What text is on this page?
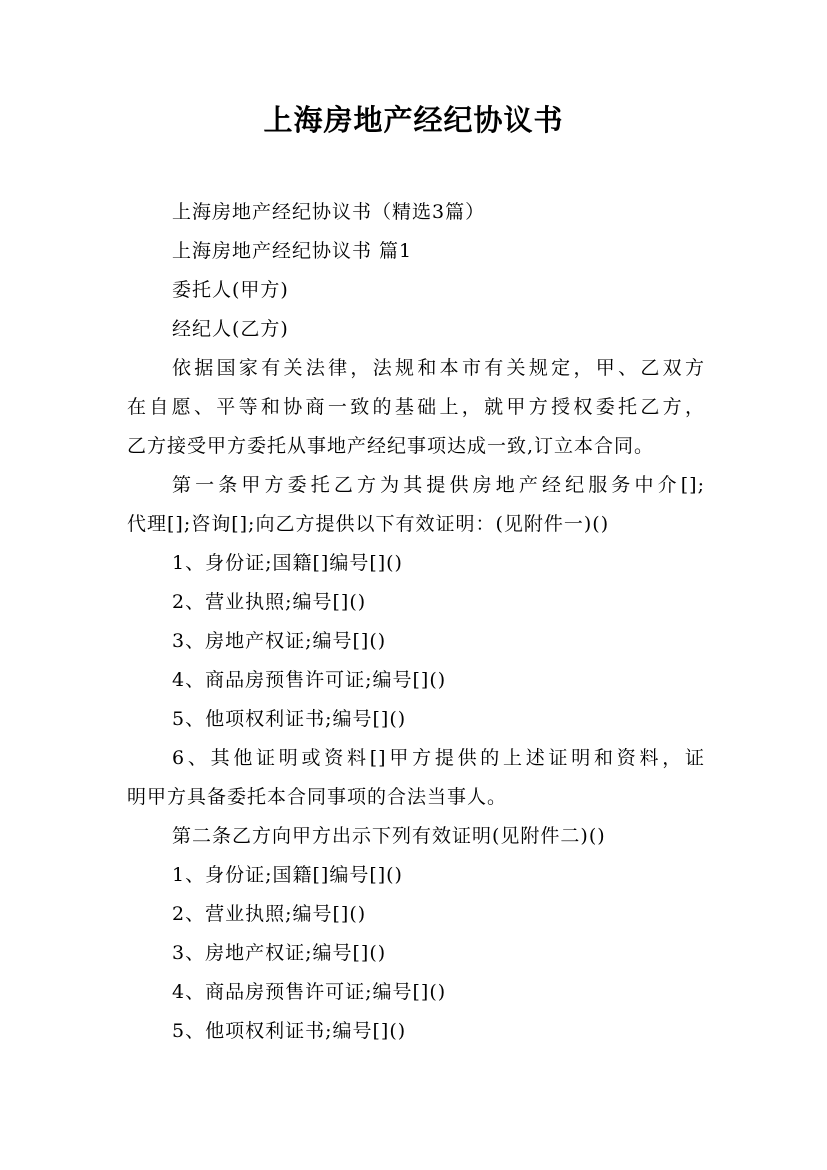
上海房地产经纪协议书
上海房地产经纪协议书（精选3篇）
上海房地产经纪协议书 篇1
委托人(甲方)
经纪人(乙方)
依据国家有关法律，法规和本市有关规定，甲、乙双方
在自愿、平等和协商一致的基础上，就甲方授权委托乙方，
乙方接受甲方委托从事地产经纪事项达成一致,订立本合同。
第一条甲方委托乙方为其提供房地产经纪服务中介[];
代理[];咨询[];向乙方提供以下有效证明：(见附件一)()
1、身份证;国籍[]编号[]()
2、营业执照;编号[]()
3、房地产权证;编号[]()
4、商品房预售许可证;编号[]()
5、他项权利证书;编号[]()
6、其他证明或资料[]甲方提供的上述证明和资料，证
明甲方具备委托本合同事项的合法当事人。
第二条乙方向甲方出示下列有效证明(见附件二)()
1、身份证;国籍[]编号[]()
2、营业执照;编号[]()
3、房地产权证;编号[]()
4、商品房预售许可证;编号[]()
5、他项权利证书;编号[]()
